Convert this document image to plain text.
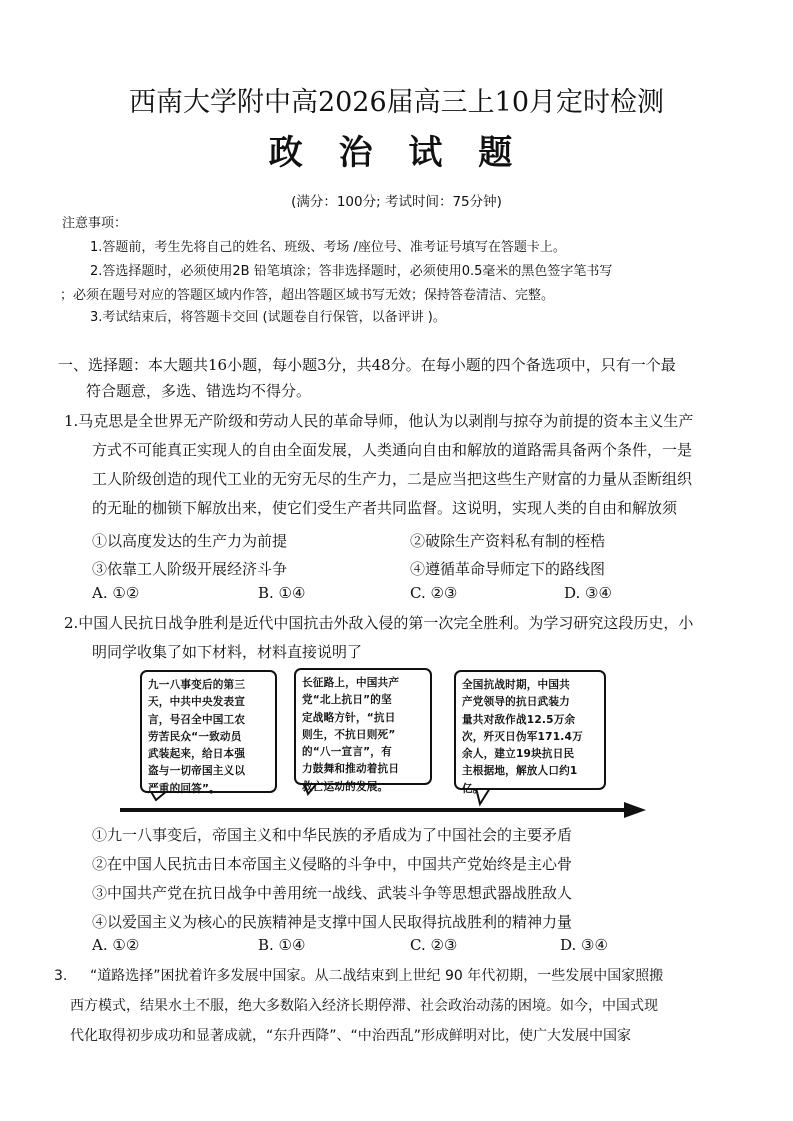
西南大学附中高2026届高三上10月定时检测
政 治 试 题
(满分：100分; 考试时间：75分钟)
注意事项：
1.答题前，考生先将自己的姓名、班级、考场 /座位号、准考证号填写在答题卡上。
2.答选择题时，必须使用2B 铅笔填涂；答非选择题时，必须使用0.5毫米的黑色签字笔书写
；必须在题号对应的答题区域内作答，超出答题区域书写无效；保持答卷清洁、完整。
3.考试结束后，将答题卡交回 (试题卷自行保管，以备评讲 )。
一、选择题：本大题共16小题，每小题3分，共48分。在每小题的四个备选项中，只有一个最
符合题意，多选、错选均不得分。
1.马克思是全世界无产阶级和劳动人民的革命导师，他认为以剥削与掠夺为前提的资本主义生产
方式不可能真正实现人的自由全面发展，人类通向自由和解放的道路需具备两个条件，一是
工人阶级创造的现代工业的无穷无尽的生产力，二是应当把这些生产财富的力量从歪断组织
的无耻的枷锁下解放出来，使它们受生产者共同监督。这说明，实现人类的自由和解放须
①以高度发达的生产力为前提	②破除生产资料私有制的桎梏
③依靠工人阶级开展经济斗争	④遵循革命导师定下的路线图
A. ①②	B. ①④	C. ②③	D. ③④
2.中国人民抗日战争胜利是近代中国抗击外敌入侵的第一次完全胜利。为学习研究这段历史，小
明同学收集了如下材料，材料直接说明了
九一八事变后的第三
天，中共中央发表宣
言，号召全中国工农
劳苦民众“一致动员
武装起来，给日本强
盗与一切帝国主义以
严重的回答”。
长征路上，中国共产
党“北上抗日”的坚
定战略方针，“抗日
则生，不抗日则死”
的“八一宣言”，有
力鼓舞和推动着抗日
救亡运动的发展。
全国抗战时期，中国共
产党领导的抗日武装力
量共对敌作战12.5万余
次，歼灭日伪军171.4万
余人，建立19块抗日民
主根据地，解放人口约1
亿。
①九一八事变后，帝国主义和中华民族的矛盾成为了中国社会的主要矛盾
②在中国人民抗击日本帝国主义侵略的斗争中，中国共产党始终是主心骨
③中国共产党在抗日战争中善用统一战线、武装斗争等思想武器战胜敌人
④以爱国主义为核心的民族精神是支撑中国人民取得抗战胜利的精神力量
A. ①②	B. ①④	C. ②③	D. ③④
3. “道路选择”困扰着许多发展中国家。从二战结束到上世纪 90 年代初期，一些发展中国家照搬
西方模式，结果水土不服，绝大多数陷入经济长期停滞、社会政治动荡的困境。如今，中国式现
代化取得初步成功和显著成就，“东升西降”、“中治西乱”形成鲜明对比，使广大发展中国家
